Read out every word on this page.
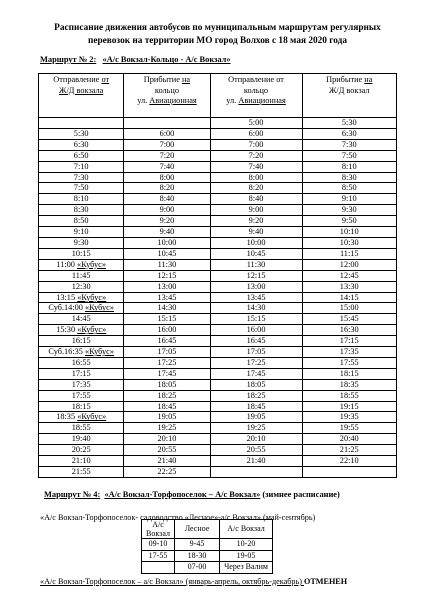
Расписание движения автобусов по муниципальным маршрутам регулярных
перевозок на территории МО город Волхов с 18 мая 2020 года
Маршрут № 2: «А/с Вокзал-Кольцо - А/с Вокзал»
Отправление от
Ж/Д вокзала	Прибытие на
кольцо
ул. Авиационная	Отправление от
кольцо
ул. Авиационная	Прибытие на
Ж/Д вокзал
		5:00	5:30
5:30	6:00	6:00	6:30
6:30	7:00	7:00	7:30
6:50	7:20	7:20	7:50
7:10	7:40	7:40	8:10
7:30	8:00	8:00	8:30
7:50	8:20	8:20	8:50
8:10	8:40	8:40	9:10
8:30	9:00	9:00	9:30
8:50	9:20	9:20	9:50
9:10	9:40	9:40	10:10
9:30	10:00	10:00	10:30
10:15	10:45	10:45	11:15
11:00 «Кубус»	11:30	11:30	12:00
11:45	12:15	12:15	12:45
12:30	13:00	13:00	13:30
13:15 «Кубус»	13:45	13:45	14:15
Суб.14:00 «Кубус»	14:30	14:30	15:00
14:45	15:15	15:15	15:45
15:30 «Кубус»	16:00	16:00	16:30
16:15	16:45	16:45	17:15
Суб.16:35 «Кубус»	17:05	17:05	17:35
16:55	17:25	17:25	17:55
17:15	17:45	17:45	18:15
17:35	18:05	18:05	18:35
17:55	18:25	18:25	18:55
18:15	18:45	18:45	19:15
18:35 «Кубус»	19:05	19:05	19:35
18:55	19:25	19:25	19:55
19:40	20:10	20:10	20:40
20:25	20:55	20:55	21:25
21:10	21:40	21:40	22:10
21:55	22:25		
Маршрут № 4: «А/с Вокзал-Торфопоселок – А/с Вокзал» (зимнее расписание)
«А/с Вокзал-Торфопоселок- садоводство «Лесное»-а/с Вокзал» (май-сентябрь)
А/с Вокзал	Лесное	А/с Вокзал
09-10	9-45	10-20
17-55	18-30	19-05
	07-00	Через Валим
«А/с Вокзал-Торфопоселок – а/с Вокзал» (январь-апрель, октябрь-декабрь) ОТМЕНЕН
